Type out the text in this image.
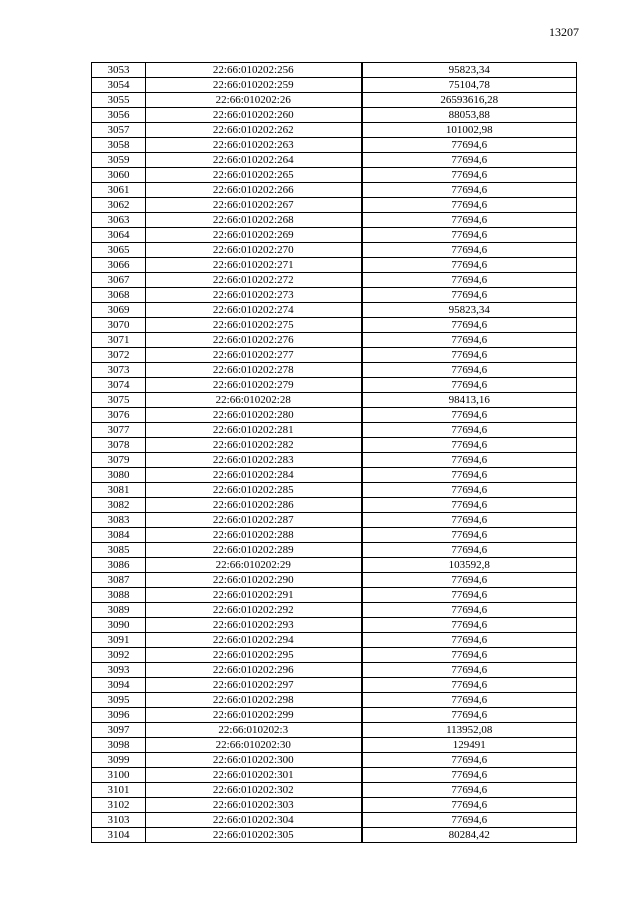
13207
3053	22:66:010202:256	95823,34
3054	22:66:010202:259	75104,78
3055	22:66:010202:26	26593616,28
3056	22:66:010202:260	88053,88
3057	22:66:010202:262	101002,98
3058	22:66:010202:263	77694,6
3059	22:66:010202:264	77694,6
3060	22:66:010202:265	77694,6
3061	22:66:010202:266	77694,6
3062	22:66:010202:267	77694,6
3063	22:66:010202:268	77694,6
3064	22:66:010202:269	77694,6
3065	22:66:010202:270	77694,6
3066	22:66:010202:271	77694,6
3067	22:66:010202:272	77694,6
3068	22:66:010202:273	77694,6
3069	22:66:010202:274	95823,34
3070	22:66:010202:275	77694,6
3071	22:66:010202:276	77694,6
3072	22:66:010202:277	77694,6
3073	22:66:010202:278	77694,6
3074	22:66:010202:279	77694,6
3075	22:66:010202:28	98413,16
3076	22:66:010202:280	77694,6
3077	22:66:010202:281	77694,6
3078	22:66:010202:282	77694,6
3079	22:66:010202:283	77694,6
3080	22:66:010202:284	77694,6
3081	22:66:010202:285	77694,6
3082	22:66:010202:286	77694,6
3083	22:66:010202:287	77694,6
3084	22:66:010202:288	77694,6
3085	22:66:010202:289	77694,6
3086	22:66:010202:29	103592,8
3087	22:66:010202:290	77694,6
3088	22:66:010202:291	77694,6
3089	22:66:010202:292	77694,6
3090	22:66:010202:293	77694,6
3091	22:66:010202:294	77694,6
3092	22:66:010202:295	77694,6
3093	22:66:010202:296	77694,6
3094	22:66:010202:297	77694,6
3095	22:66:010202:298	77694,6
3096	22:66:010202:299	77694,6
3097	22:66:010202:3	113952,08
3098	22:66:010202:30	129491
3099	22:66:010202:300	77694,6
3100	22:66:010202:301	77694,6
3101	22:66:010202:302	77694,6
3102	22:66:010202:303	77694,6
3103	22:66:010202:304	77694,6
3104	22:66:010202:305	80284,42
